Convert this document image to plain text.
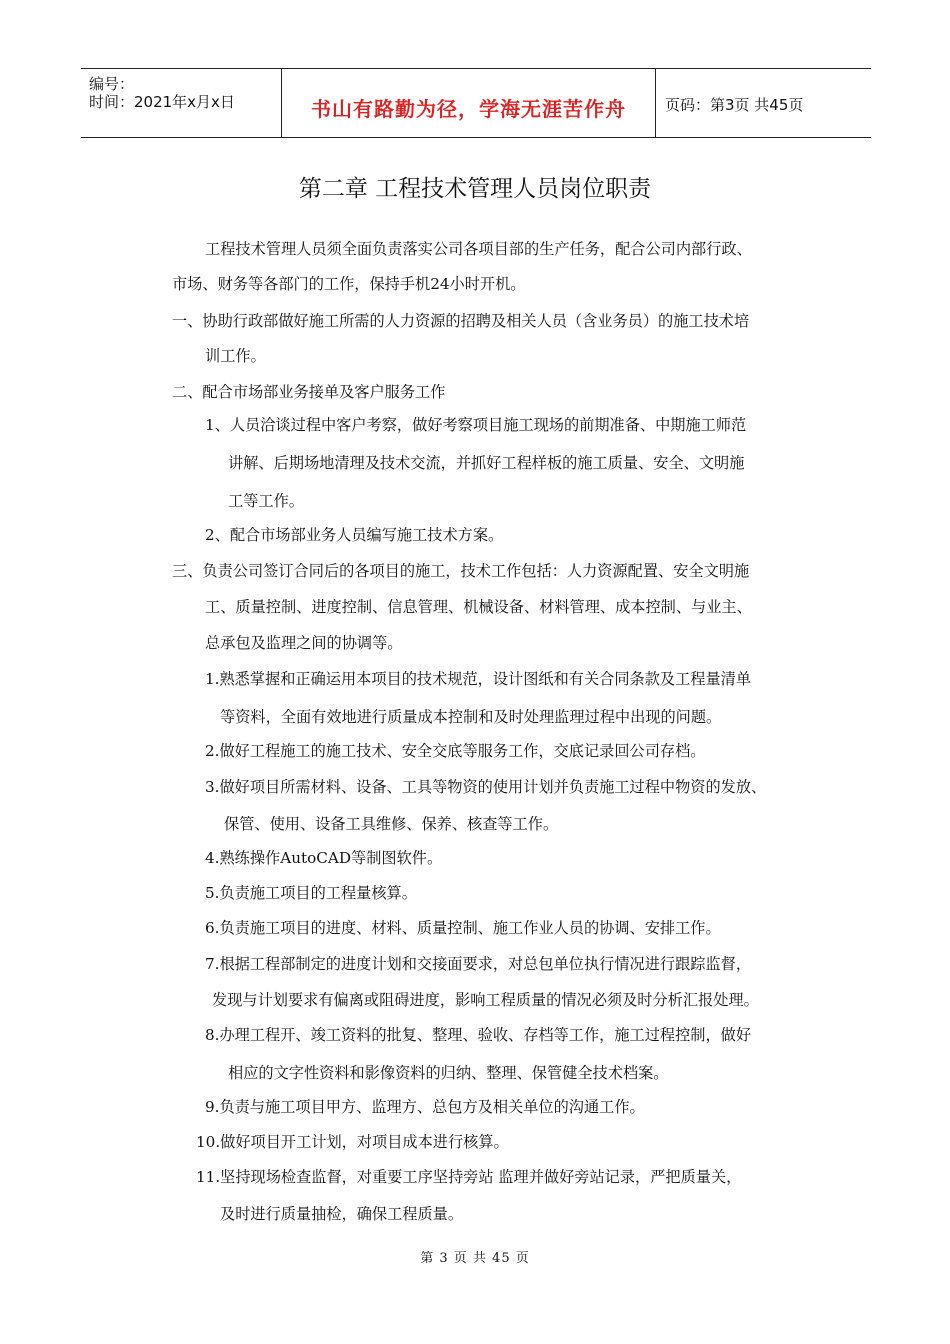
编号：
时间：2021年x月x日	书山有路勤为径，学海无涯苦作舟	页码：第3页 共45页
第二章 工程技术管理人员岗位职责
工程技术管理人员须全面负责落实公司各项目部的生产任务，配合公司内部行政、
市场、财务等各部门的工作，保持手机24小时开机。
一、协助行政部做好施工所需的人力资源的招聘及相关人员（含业务员）的施工技术培
训工作。
二、配合市场部业务接单及客户服务工作
1、人员洽谈过程中客户考察，做好考察项目施工现场的前期准备、中期施工师范
讲解、后期场地清理及技术交流，并抓好工程样板的施工质量、安全、文明施
工等工作。
2、配合市场部业务人员编写施工技术方案。
三、负责公司签订合同后的各项目的施工，技术工作包括：人力资源配置、安全文明施
工、质量控制、进度控制、信息管理、机械设备、材料管理、成本控制、与业主、
总承包及监理之间的协调等。
1.熟悉掌握和正确运用本项目的技术规范，设计图纸和有关合同条款及工程量清单
等资料，全面有效地进行质量成本控制和及时处理监理过程中出现的问题。
2.做好工程施工的施工技术、安全交底等服务工作，交底记录回公司存档。
3.做好项目所需材料、设备、工具等物资的使用计划并负责施工过程中物资的发放、
保管、使用、设备工具维修、保养、核查等工作。
4.熟练操作AutoCAD等制图软件。
5.负责施工项目的工程量核算。
6.负责施工项目的进度、材料、质量控制、施工作业人员的协调、安排工作。
7.根据工程部制定的进度计划和交接面要求，对总包单位执行情况进行跟踪监督，
发现与计划要求有偏离或阻碍进度，影响工程质量的情况必须及时分析汇报处理。
8.办理工程开、竣工资料的批复、整理、验收、存档等工作，施工过程控制，做好
相应的文字性资料和影像资料的归纳、整理、保管健全技术档案。
9.负责与施工项目甲方、监理方、总包方及相关单位的沟通工作。
10.做好项目开工计划，对项目成本进行核算。
11.坚持现场检查监督，对重要工序坚持旁站 监理并做好旁站记录，严把质量关，
及时进行质量抽检，确保工程质量。
第 3 页 共 45 页
